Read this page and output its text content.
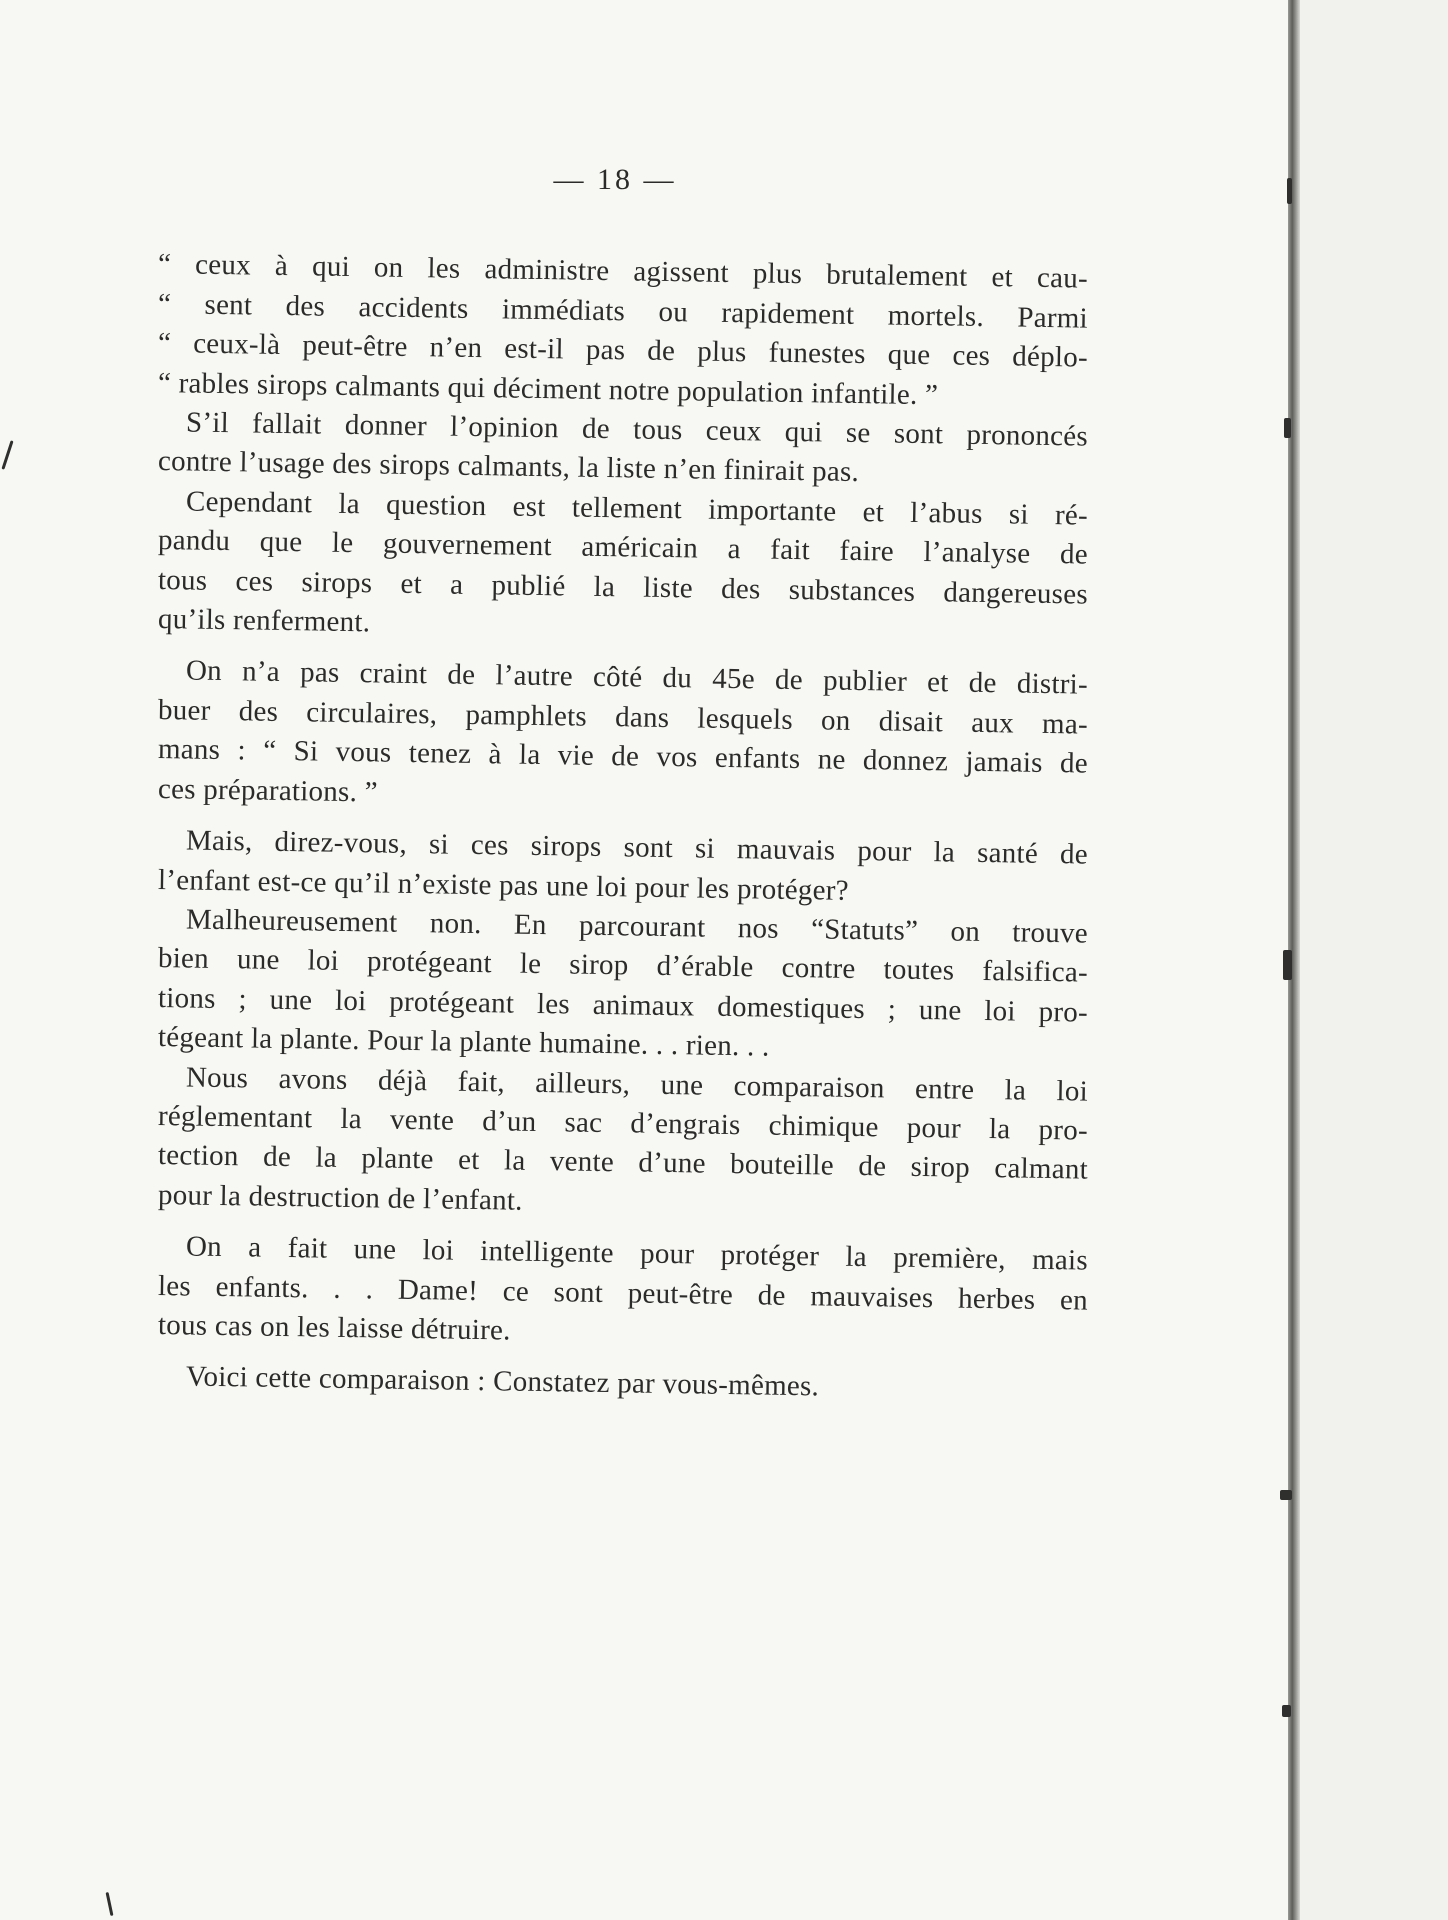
— 18 —

“ ceux à qui on les administre agissent plus brutalement et cau-
“ sent des accidents immédiats ou rapidement mortels. Parmi
“ ceux-là peut-être n’en est-il pas de plus funestes que ces déplo-
“ rables sirops calmants qui déciment notre population infantile. ”

S’il fallait donner l’opinion de tous ceux qui se sont prononcés
contre l’usage des sirops calmants, la liste n’en finirait pas.

Cependant la question est tellement importante et l’abus si ré-
pandu que le gouvernement américain a fait faire l’analyse de
tous ces sirops et a publié la liste des substances dangereuses
qu’ils renferment.

On n’a pas craint de l’autre côté du 45e de publier et de distri-
buer des circulaires, pamphlets dans lesquels on disait aux ma-
mans : “ Si vous tenez à la vie de vos enfants ne donnez jamais de
ces préparations. ”

Mais, direz-vous, si ces sirops sont si mauvais pour la santé de
l’enfant est-ce qu’il n’existe pas une loi pour les protéger?

Malheureusement non. En parcourant nos “Statuts” on trouve
bien une loi protégeant le sirop d’érable contre toutes falsifica-
tions ; une loi protégeant les animaux domestiques ; une loi pro-
tégeant la plante. Pour la plante humaine. . . rien. . .

Nous avons déjà fait, ailleurs, une comparaison entre la loi
réglementant la vente d’un sac d’engrais chimique pour la pro-
tection de la plante et la vente d’une bouteille de sirop calmant
pour la destruction de l’enfant.

On a fait une loi intelligente pour protéger la première, mais
les enfants. . . Dame! ce sont peut-être de mauvaises herbes en
tous cas on les laisse détruire.

Voici cette comparaison : Constatez par vous-mêmes.
